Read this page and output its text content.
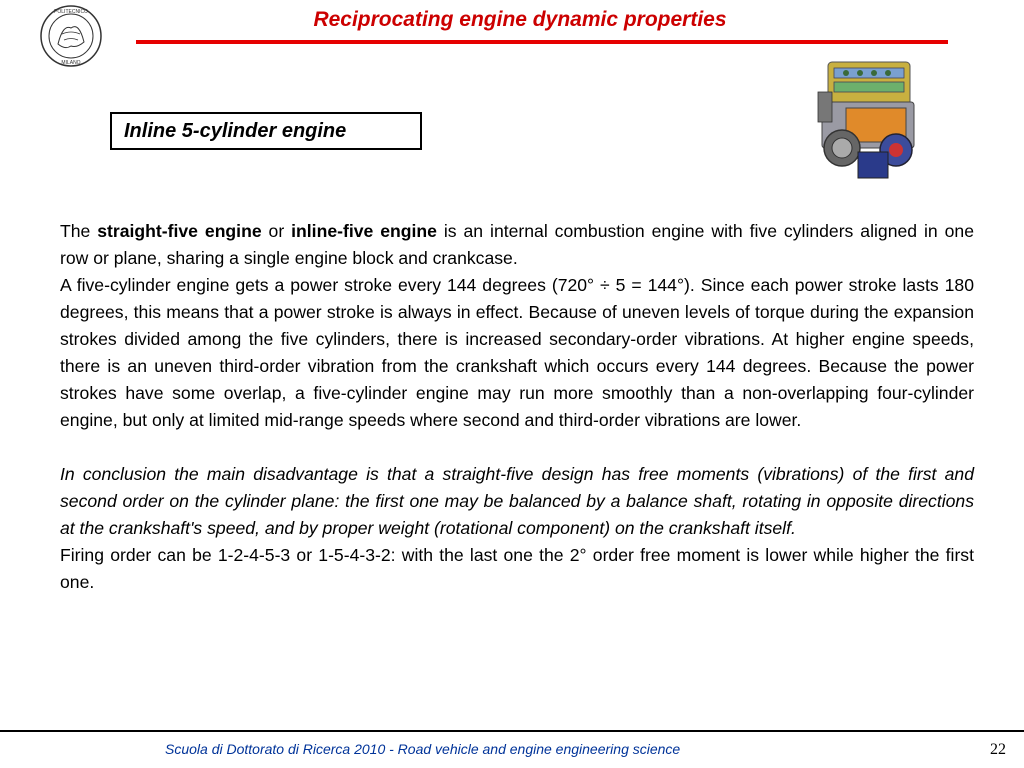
POLITECNICO
MILANO
Reciprocating engine dynamic properties
Inline 5-cylinder engine

The straight-five engine or inline-five engine is an internal combustion engine with five cylinders aligned in one row or plane, sharing a single engine block and crankcase.

A five-cylinder engine gets a power stroke every 144 degrees (720° ÷ 5 = 144°). Since each power stroke lasts 180 degrees, this means that a power stroke is always in effect. Because of uneven levels of torque during the expansion strokes divided among the five cylinders, there is increased secondary-order vibrations. At higher engine speeds, there is an uneven third-order vibration from the crankshaft which occurs every 144 degrees. Because the power strokes have some overlap, a five-cylinder engine may run more smoothly than a non-overlapping four-cylinder engine, but only at limited mid-range speeds where second and third-order vibrations are lower.

In conclusion the main disadvantage is that a straight-five design has free moments (vibrations) of the first and second order on the cylinder plane: the first one may be balanced by a balance shaft, rotating in opposite directions at the crankshaft's speed, and by proper weight (rotational component) on the crankshaft itself.

Firing order can be 1-2-4-5-3 or 1-5-4-3-2: with the last one the 2° order free moment is lower while higher the first one.

Scuola di Dottorato di Ricerca 2010 - Road vehicle and engine engineering science	22
